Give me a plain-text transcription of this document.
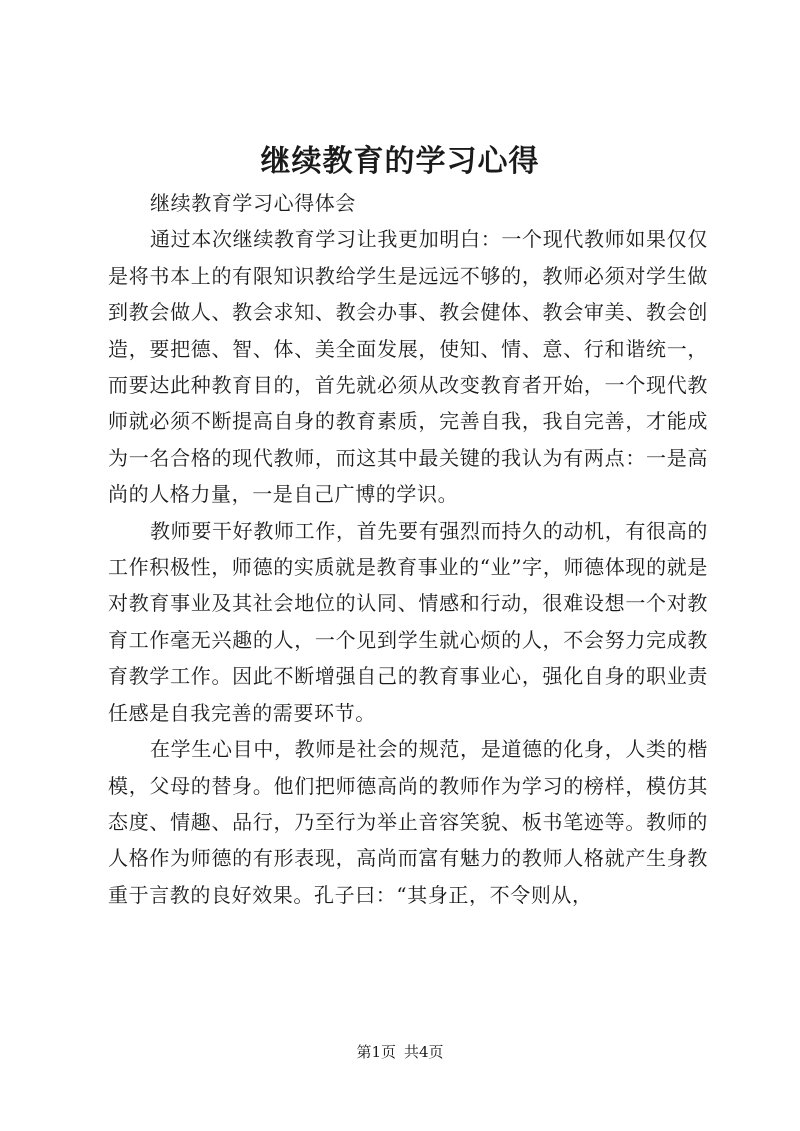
继续教育的学习心得

继续教育学习心得体会

通过本次继续教育学习让我更加明白：一个现代教师如果仅仅是将书本上的有限知识教给学生是远远不够的，教师必须对学生做到教会做人、教会求知、教会办事、教会健体、教会审美、教会创造，要把德、智、体、美全面发展，使知、情、意、行和谐统一，而要达此种教育目的，首先就必须从改变教育者开始，一个现代教师就必须不断提高自身的教育素质，完善自我，我自完善，才能成为一名合格的现代教师，而这其中最关键的我认为有两点：一是高尚的人格力量，一是自己广博的学识。

教师要干好教师工作，首先要有强烈而持久的动机，有很高的工作积极性，师德的实质就是教育事业的“业”字，师德体现的就是对教育事业及其社会地位的认同、情感和行动，很难设想一个对教育工作毫无兴趣的人，一个见到学生就心烦的人，不会努力完成教育教学工作。因此不断增强自己的教育事业心，强化自身的职业责任感是自我完善的需要环节。

在学生心目中，教师是社会的规范，是道德的化身，人类的楷模，父母的替身。他们把师德高尚的教师作为学习的榜样，模仿其态度、情趣、品行，乃至行为举止音容笑貌、板书笔迹等。教师的人格作为师德的有形表现，高尚而富有魅力的教师人格就产生身教重于言教的良好效果。孔子曰：“其身正，不令则从，

第1页 共4页
